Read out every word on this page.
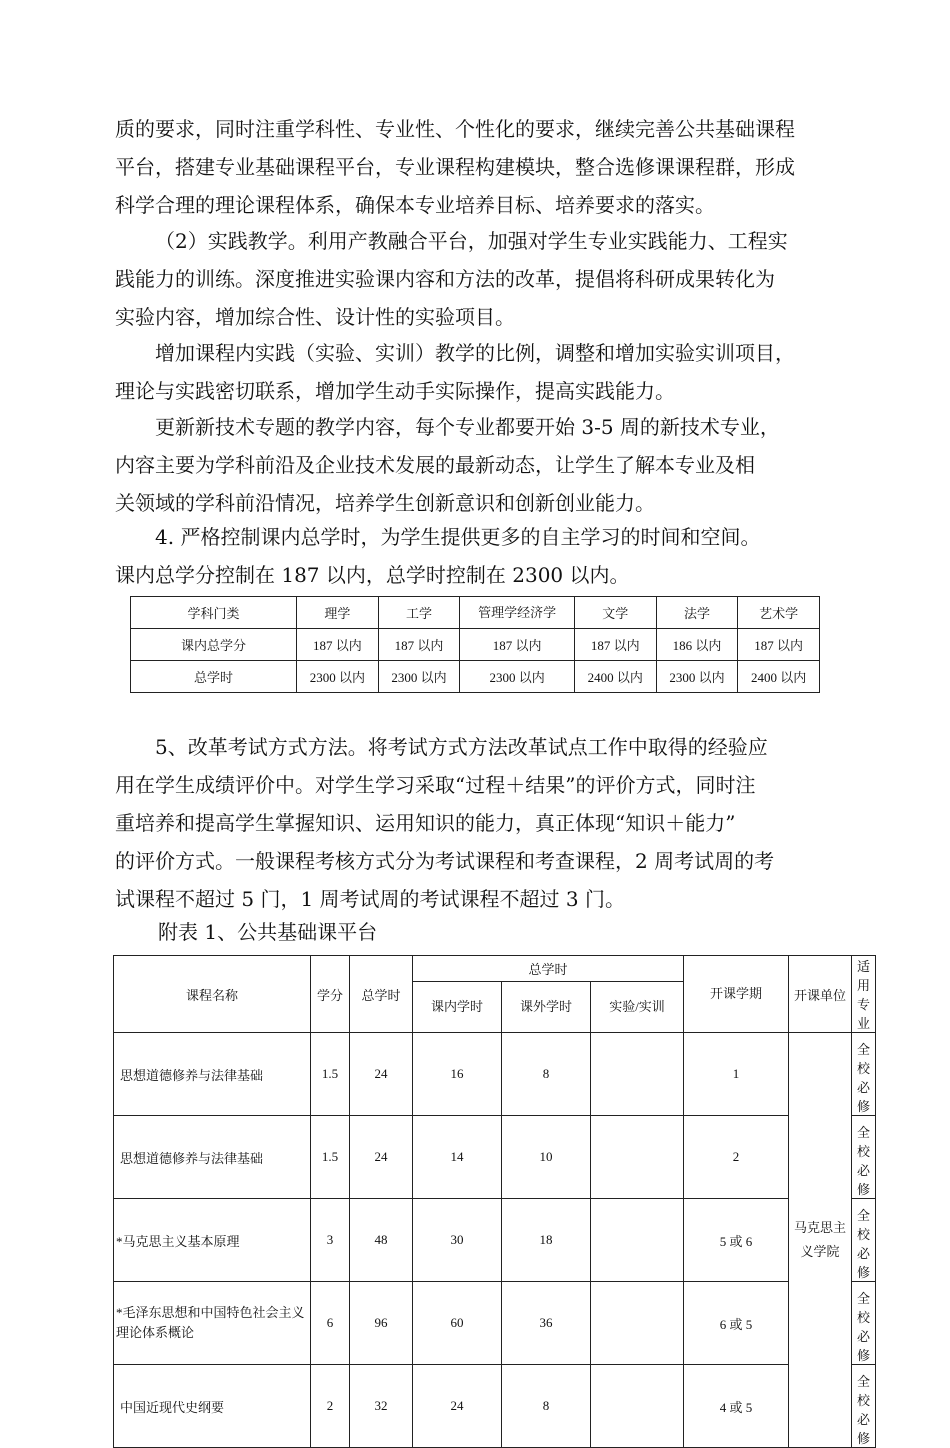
质的要求，同时注重学科性、专业性、个性化的要求，继续完善公共基础课程
平台，搭建专业基础课程平台，专业课程构建模块，整合选修课课程群，形成
科学合理的理论课程体系，确保本专业培养目标、培养要求的落实。
（2）实践教学。利用产教融合平台，加强对学生专业实践能力、工程实
践能力的训练。深度推进实验课内容和方法的改革，提倡将科研成果转化为
实验内容，增加综合性、设计性的实验项目。
增加课程内实践（实验、实训）教学的比例，调整和增加实验实训项目，
理论与实践密切联系，增加学生动手实际操作，提高实践能力。
更新新技术专题的教学内容，每个专业都要开始 3-5 周的新技术专业，
内容主要为学科前沿及企业技术发展的最新动态，让学生了解本专业及相
关领域的学科前沿情况，培养学生创新意识和创新创业能力。
4. 严格控制课内总学时，为学生提供更多的自主学习的时间和空间。
课内总学分控制在 187 以内，总学时控制在 2300 以内。
学科门类	理学	工学	管理学经济学	文学	法学	艺术学
课内总学分	187 以内	187 以内	187 以内	187 以内	186 以内	187 以内
总学时	2300 以内	2300 以内	2300 以内	2400 以内	2300 以内	2400 以内
5、改革考试方式方法。将考试方式方法改革试点工作中取得的经验应
用在学生成绩评价中。对学生学习采取“过程＋结果”的评价方式，同时注
重培养和提高学生掌握知识、运用知识的能力，真正体现“知识＋能力”
的评价方式。一般课程考核方式分为考试课程和考查课程，2 周考试周的考
试课程不超过 5 门，1 周考试周的考试课程不超过 3 门。
附表 1、公共基础课平台
课程名称	学分	总学时	总学时			开课学期	开课单位	适用专业
			课内学时	课外学时	实验/实训			
思想道德修养与法律基础	1.5	24	16	8		1	马克思主义学院	全校必修
思想道德修养与法律基础	1.5	24	14	10		2		全校必修
*马克思主义基本原理	3	48	30	18		5 或 6		全校必修
*毛泽东思想和中国特色社会主义理论体系概论	6	96	60	36		6 或 5		全校必修
中国近现代史纲要	2	32	24	8		4 或 5		全校必修
